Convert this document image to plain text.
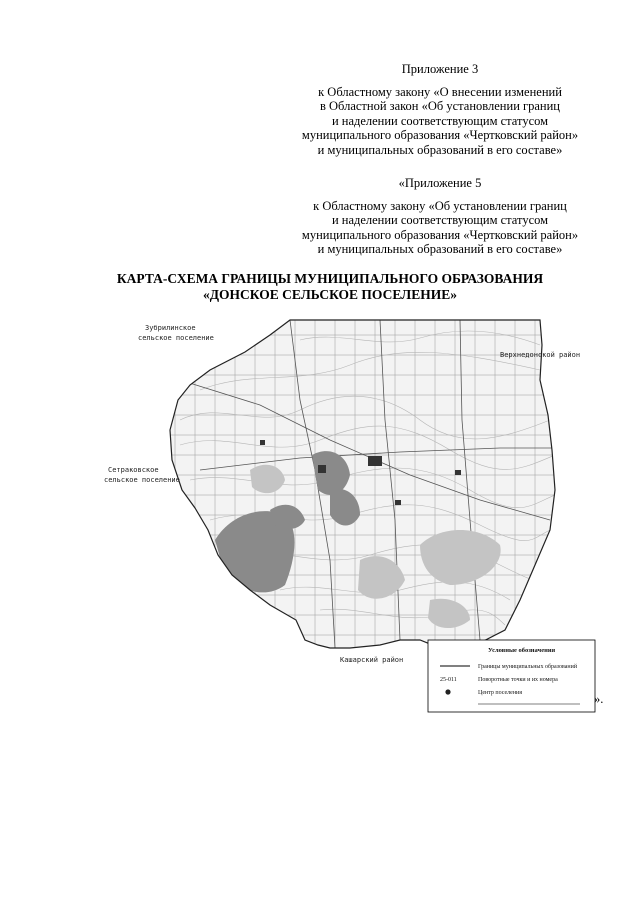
Приложение 3
к Областному закону «О внесении изменений
в Областной закон «Об установлении границ
и наделении соответствующим статусом
муниципального образования «Чертковский район»
и муниципальных образований в его составе»
«Приложение 5
к Областному закону «Об установлении границ
и наделении соответствующим статусом
муниципального образования «Чертковский район»
и муниципальных образований в его составе»
КАРТА-СХЕМА ГРАНИЦЫ МУНИЦИПАЛЬНОГО ОБРАЗОВАНИЯ
«ДОНСКОЕ СЕЛЬСКОЕ ПОСЕЛЕНИЕ»
Зубрилинское
сельское поселение
Сетраковское
сельское поселение
Верхнедонской район
Кашарский район
Условные обозначения
Границы муниципальных образований
25-011	Поворотные точки и их номера
Центр поселения	».
